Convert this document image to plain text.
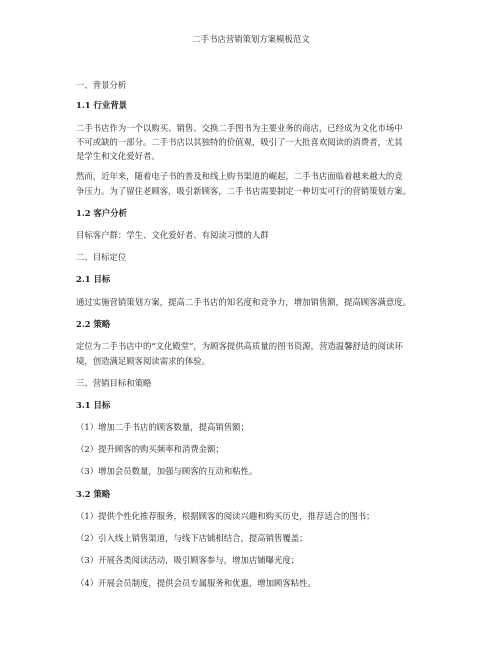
二手书店营销策划方案模板范文
一、背景分析
1.1 行业背景
二手书店作为一个以购买、销售、交换二手图书为主要业务的商店，已经成为文化市场中
不可或缺的一部分。二手书店以其独特的价值观，吸引了一大批喜欢阅读的消费者，尤其
是学生和文化爱好者。
然而，近年来，随着电子书的普及和线上购书渠道的崛起，二手书店面临着越来越大的竞
争压力。为了留住老顾客，吸引新顾客，二手书店需要制定一种切实可行的营销策划方案。
1.2 客户分析
目标客户群：学生、文化爱好者、有阅读习惯的人群
二、目标定位
2.1 目标
通过实施营销策划方案，提高二手书店的知名度和竞争力，增加销售额，提高顾客满意度。
2.2 策略
定位为二手书店中的“文化殿堂”，为顾客提供高质量的图书资源，营造温馨舒适的阅读环
境，创造满足顾客阅读需求的体验。
三、营销目标和策略
3.1 目标
（1）增加二手书店的顾客数量，提高销售额；
（2）提升顾客的购买频率和消费金额；
（3）增加会员数量，加强与顾客的互动和粘性。
3.2 策略
（1）提供个性化推荐服务，根据顾客的阅读兴趣和购买历史，推荐适合的图书；
（2）引入线上销售渠道，与线下店铺相结合，提高销售覆盖；
（3）开展各类阅读活动，吸引顾客参与，增加店铺曝光度；
（4）开展会员制度，提供会员专属服务和优惠，增加顾客粘性。
